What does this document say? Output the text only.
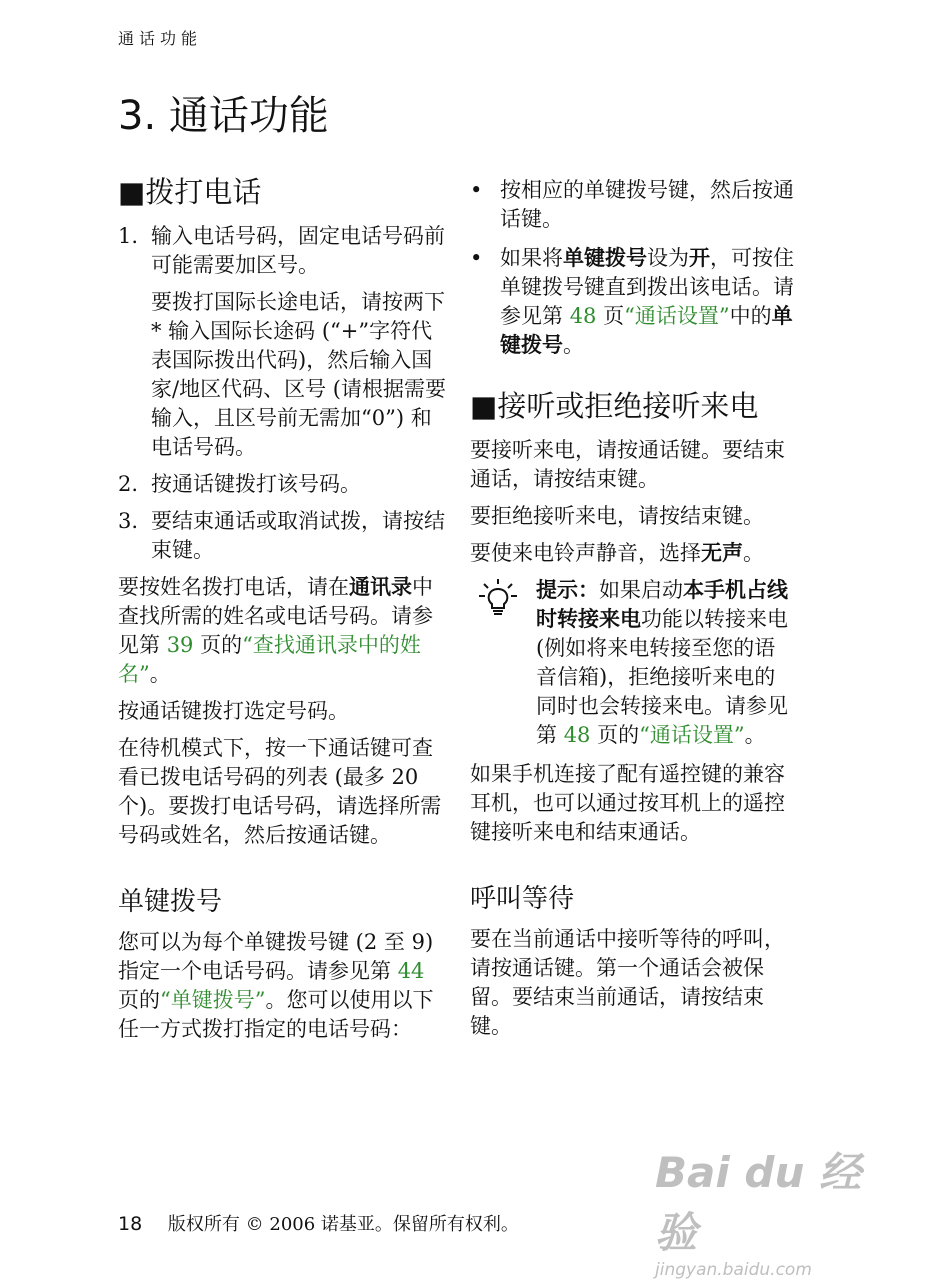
通话功能
3. 通话功能
■拨打电话
1. 输入电话号码，固定电话号码前可能需要加区号。

要拨打国际长途电话，请按两下 * 输入国际长途码 (“+”字符代表国际拨出代码)，然后输入国家/地区代码、区号 (请根据需要输入，且区号前无需加“0”) 和电话号码。

2. 按通话键拨打该号码。
3. 要结束通话或取消试拨，请按结束键。

要按姓名拨打电话，请在通讯录中查找所需的姓名或电话号码。请参见第 39 页的“查找通讯录中的姓名”。

按通话键拨打选定号码。

在待机模式下，按一下通话键可查看已拨电话号码的列表 (最多 20 个)。要拨打电话号码，请选择所需号码或姓名，然后按通话键。

单键拨号

您可以为每个单键拨号键 (2 至 9) 指定一个电话号码。请参见第 44 页的“单键拨号”。您可以使用以下任一方式拨打指定的电话号码：

• 按相应的单键拨号键，然后按通话键。
• 如果将单键拨号设为开，可按住单键拨号键直到拨出该电话。请参见第 48 页“通话设置”中的单键拨号。
■接听或拒绝接听来电

要接听来电，请按通话键。要结束通话，请按结束键。

要拒绝接听来电，请按结束键。

要使来电铃声静音，选择无声。

提示：如果启动本手机占线时转接来电功能以转接来电 (例如将来电转接至您的语音信箱)，拒绝接听来电的同时也会转接来电。请参见第 48 页的“通话设置”。

如果手机连接了配有遥控键的兼容耳机，也可以通过按耳机上的遥控键接听来电和结束通话。

呼叫等待

要在当前通话中接听等待的呼叫，请按通话键。第一个通话会被保留。要结束当前通话，请按结束键。

18 版权所有 © 2006 诺基亚。保留所有权利。
Bai du 经验
jingyan.baidu.com
